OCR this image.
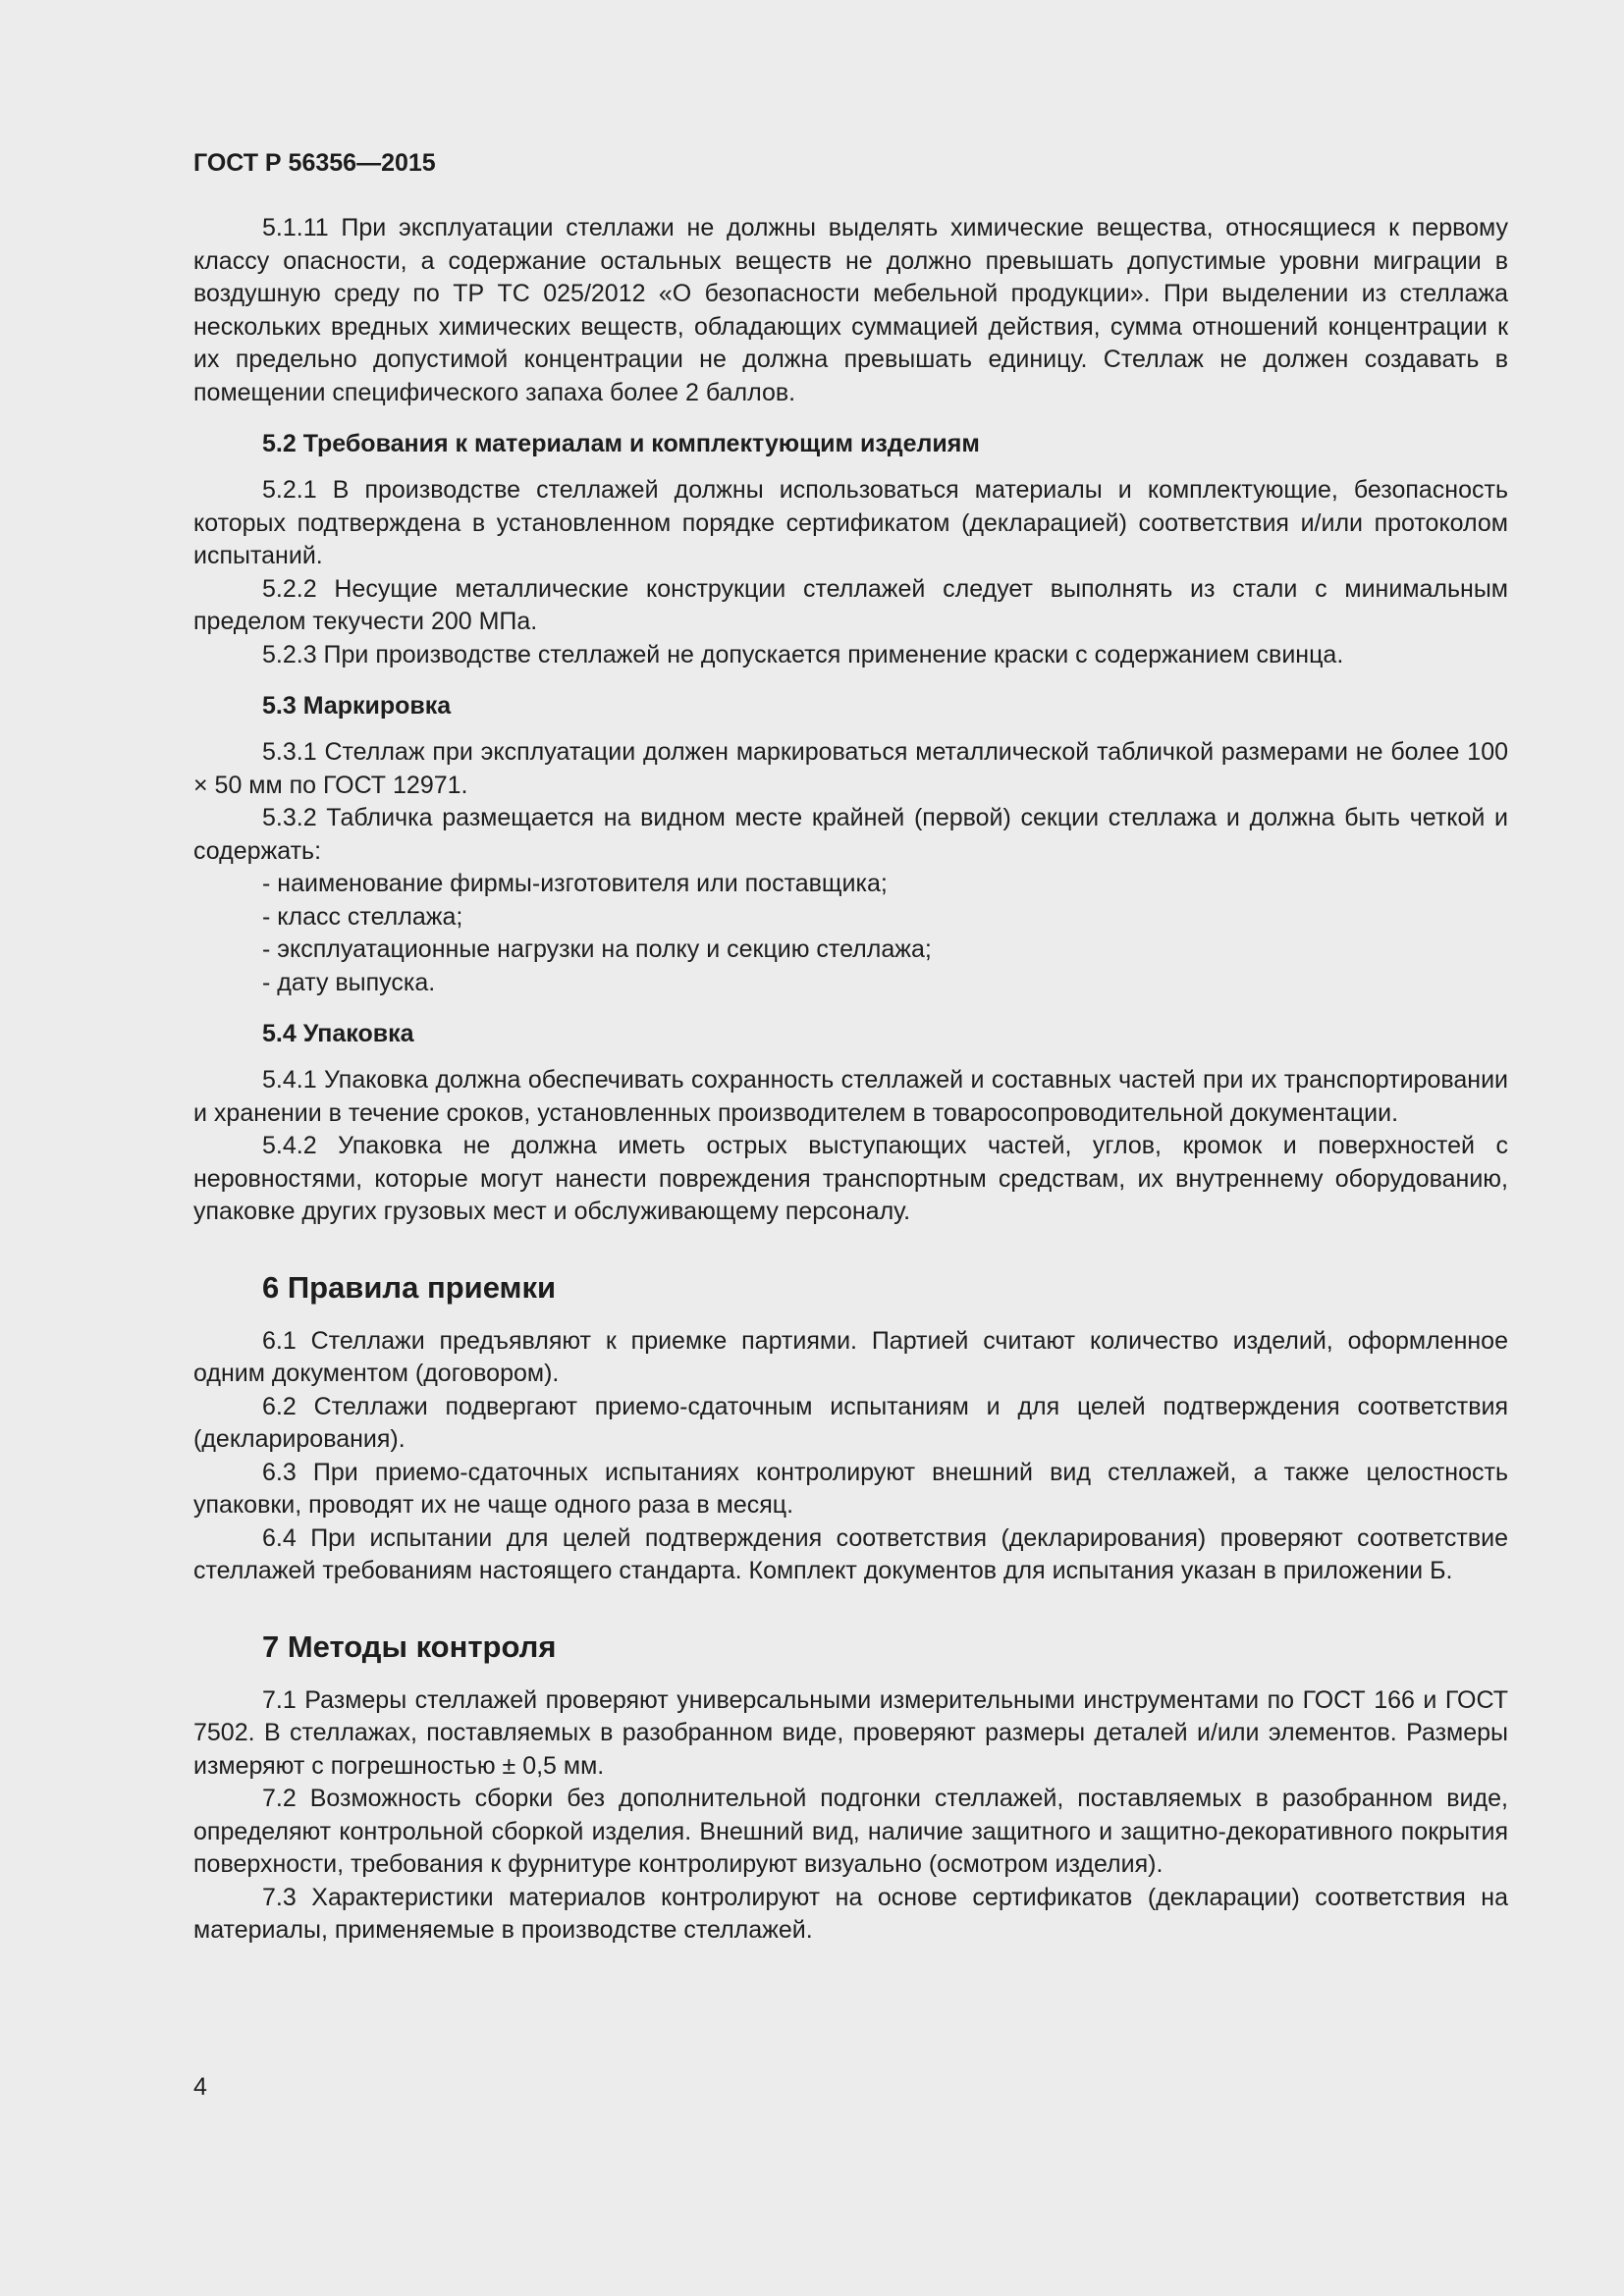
ГОСТ Р 56356—2015

5.1.11 При эксплуатации стеллажи не должны выделять химические вещества, относящиеся к первому классу опасности, а содержание остальных веществ не должно превышать допустимые уровни миграции в воздушную среду по ТР ТС 025/2012 «О безопасности мебельной продукции». При выделении из стеллажа нескольких вредных химических веществ, обладающих суммацией действия, сумма отношений концентрации к их предельно допустимой концентрации не должна превышать единицу. Стеллаж не должен создавать в помещении специфического запаха более 2 баллов.

5.2 Требования к материалам и комплектующим изделиям

5.2.1 В производстве стеллажей должны использоваться материалы и комплектующие, безопасность которых подтверждена в установленном порядке сертификатом (декларацией) соответствия и/или протоколом испытаний.

5.2.2 Несущие металлические конструкции стеллажей следует выполнять из стали с минимальным пределом текучести 200 МПа.

5.2.3 При производстве стеллажей не допускается применение краски с содержанием свинца.

5.3 Маркировка

5.3.1 Стеллаж при эксплуатации должен маркироваться металлической табличкой размерами не более 100 × 50 мм по ГОСТ 12971.

5.3.2 Табличка размещается на видном месте крайней (первой) секции стеллажа и должна быть четкой и содержать:

- наименование фирмы-изготовителя или поставщика;

- класс стеллажа;

- эксплуатационные нагрузки на полку и секцию стеллажа;

- дату выпуска.

5.4 Упаковка

5.4.1 Упаковка должна обеспечивать сохранность стеллажей и составных частей при их транспортировании и хранении в течение сроков, установленных производителем в товаросопроводительной документации.

5.4.2 Упаковка не должна иметь острых выступающих частей, углов, кромок и поверхностей с неровностями, которые могут нанести повреждения транспортным средствам, их внутреннему оборудованию, упаковке других грузовых мест и обслуживающему персоналу.

6 Правила приемки

6.1 Стеллажи предъявляют к приемке партиями. Партией считают количество изделий, оформленное одним документом (договором).

6.2 Стеллажи подвергают приемо-сдаточным испытаниям и для целей подтверждения соответствия (декларирования).

6.3 При приемо-сдаточных испытаниях контролируют внешний вид стеллажей, а также целостность упаковки, проводят их не чаще одного раза в месяц.

6.4 При испытании для целей подтверждения соответствия (декларирования) проверяют соответствие стеллажей требованиям настоящего стандарта. Комплект документов для испытания указан в приложении Б.

7 Методы контроля

7.1 Размеры стеллажей проверяют универсальными измерительными инструментами по ГОСТ 166 и ГОСТ 7502. В стеллажах, поставляемых в разобранном виде, проверяют размеры деталей и/или элементов. Размеры измеряют с погрешностью ± 0,5 мм.

7.2 Возможность сборки без дополнительной подгонки стеллажей, поставляемых в разобранном виде, определяют контрольной сборкой изделия. Внешний вид, наличие защитного и защитно-декоративного покрытия поверхности, требования к фурнитуре контролируют визуально (осмотром изделия).

7.3 Характеристики материалов контролируют на основе сертификатов (декларации) соответствия на материалы, применяемые в производстве стеллажей.

4
